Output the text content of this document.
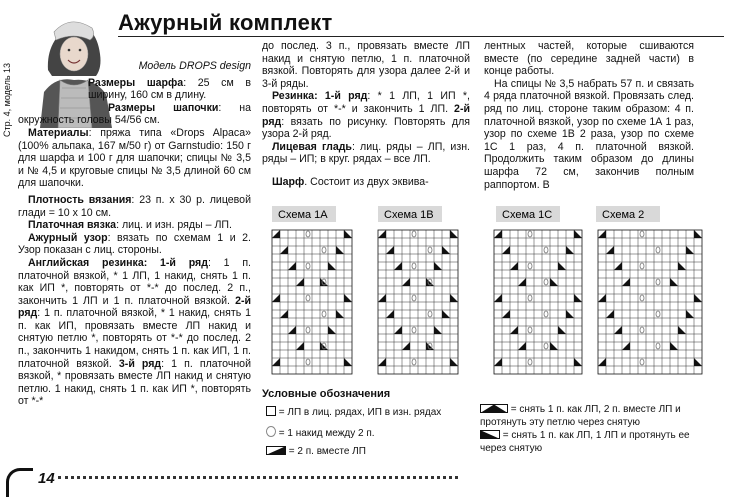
Стр. 4, модель 13
Ажурный комплект

Модель DROPS design

Размеры шарфа: 25 см в ширину, 160 см в длину.

Размеры шапочки: на окружность головы 54/56 см.

Материалы: пряжа типа «Drops Alpaca» (100% альпака, 167 м/50 г) от Garnstudio: 150 г для шарфа и 100 г для шапочки; спицы № 3,5 и № 4,5 и круговые спицы № 3,5 длиной 60 см для шапочки.

Плотность вязания: 23 п. х 30 р. лицевой глади = 10 х 10 см.

Платочная вязка: лиц. и изн. ряды – ЛП.

Ажурный узор: вязать по схемам 1 и 2. Узор показан с лиц. стороны.

Английская резинка: 1-й ряд: 1 п. платочной вязкой, * 1 ЛП, 1 накид, снять 1 п. как ИП *, повторять от *-* до послед. 2 п., закончить 1 ЛП и 1 п. платочной вязкой. 2-й ряд: 1 п. платочной вязкой, * 1 накид, снять 1 п. как ИП, провязать вместе ЛП накид и снятую петлю *, повторять от *-* до послед. 2 п., закончить 1 накидом, снять 1 п. как ИП, 1 п. платочной вязкой. 3-й ряд: 1 п. платочной вязкой, * провязать вместе ЛП накид и снятую петлю. 1 накид, снять 1 п. как ИП *, повторять от *-*

до послед. 3 п., провязать вместе ЛП накид и снятую петлю, 1 п. платочной вязкой. Повторять для узора далее 2-й и 3-й ряды.

Резинка: 1-й ряд: * 1 ЛП, 1 ИП *, повторять от *-* и закончить 1 ЛП. 2-й ряд: вязать по рисунку. Повторять для узора 2-й ряд.

Лицевая гладь: лиц. ряды – ЛП, изн. ряды – ИП; в круг. рядах – все ЛП.

Шарф. Состоит из двух эквива-

лентных частей, которые сшиваются вместе (по середине задней части) в конце работы.

На спицы № 3,5 набрать 57 п. и связать 4 ряда платочной вязкой. Провязать след. ряд по лиц. стороне таким образом: 4 п. платочной вязкой, узор по схеме 1А 1 раз, узор по схеме 1В 2 раза, узор по схеме 1С 1 раз, 4 п. платочной вязкой. Продолжить таким образом до длины шарфа 72 см, закончив полным раппортом. В

Схема 1А	Схема 1В	Схема 1С	Схема 2
Условные обозначения
= ЛП в лиц. рядах, ИП в изн. рядах
= 1 накид между 2 п.
= 2 п. вместе ЛП
= снять 1 п. как ЛП, 2 п. вместе ЛП и протянуть эту петлю через снятую
= снять 1 п. как ЛП, 1 ЛП и протянуть ее через снятую
14
